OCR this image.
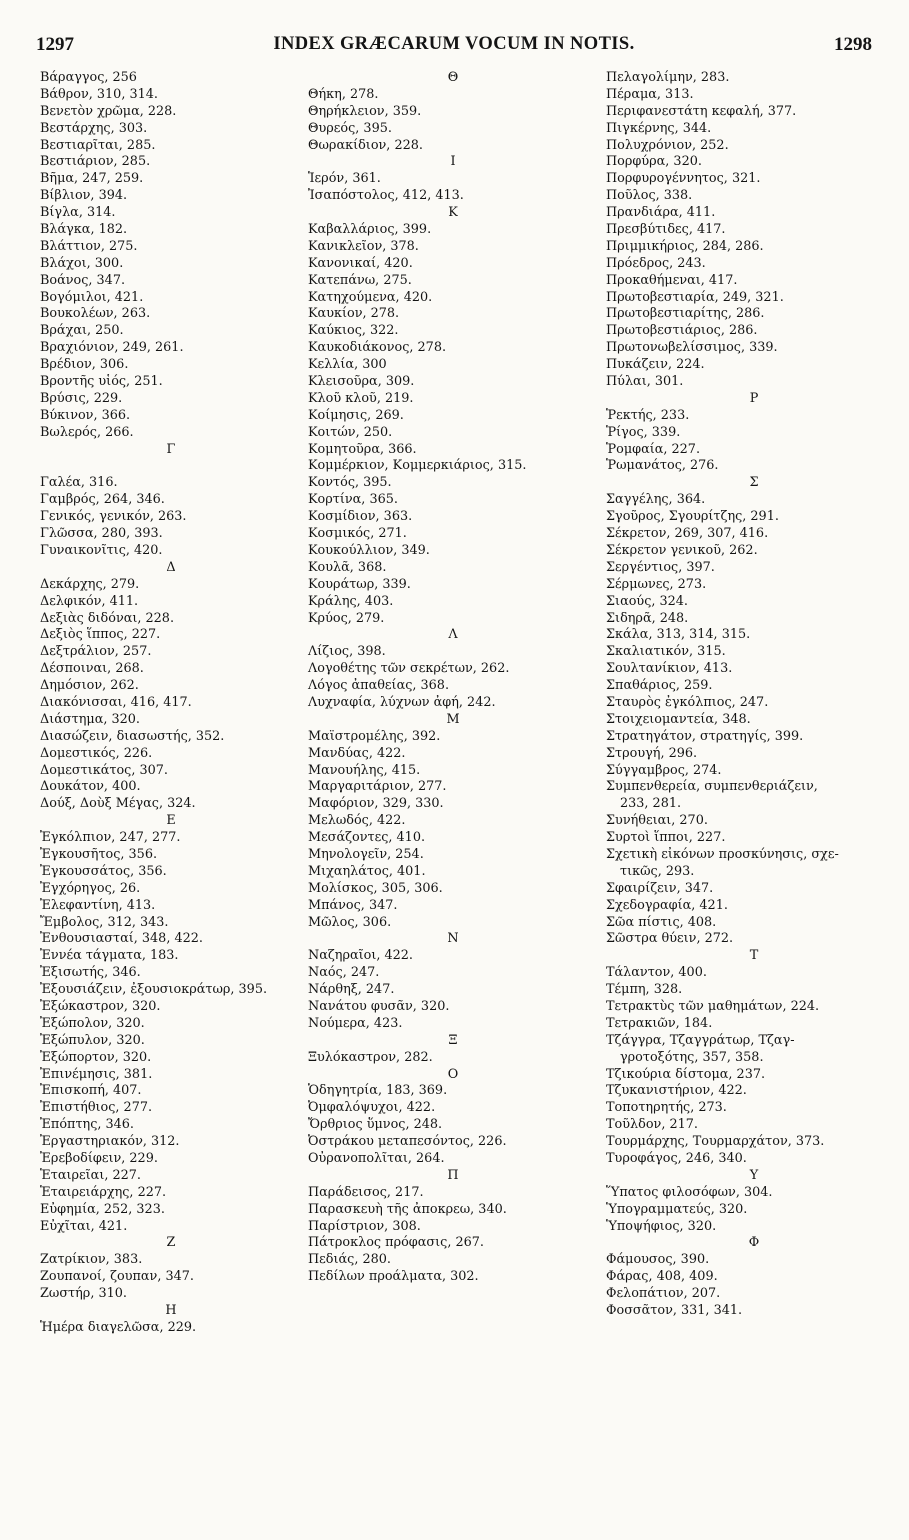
1297	INDEX GRÆCARUM VOCUM IN NOTIS.	1298
Βάραγγος, 256
Βάθρον, 310, 314.
Βενετὸν χρῶμα, 228.
Βεστάρχης, 303.
Βεστιαρῖται, 285.
Βεστιάριον, 285.
Βῆμα, 247, 259.
Βίβλιον, 394.
Βίγλα, 314.
Βλάγκα, 182.
Βλάττιον, 275.
Βλάχοι, 300.
Βοάνος, 347.
Βογόμιλοι, 421.
Βουκολέων, 263.
Βράχαι, 250.
Βραχιόνιον, 249, 261.
Βρέδιον, 306.
Βροντῆς υἱός, 251.
Βρύσις, 229.
Βύκινον, 366.
Βωλερός, 266.
Γ
Γαλέα, 316.
Γαμβρός, 264, 346.
Γενικός, γενικόν, 263.
Γλῶσσα, 280, 393.
Γυναικονῖτις, 420.
Δ
Δεκάρχης, 279.
Δελφικόν, 411.
Δεξιὰς διδόναι, 228.
Δεξιὸς ἵππος, 227.
Δεξτράλιον, 257.
Δέσποιναι, 268.
Δημόσιον, 262.
Διακόνισσαι, 416, 417.
Διάστημα, 320.
Διασώζειν, διασωστής, 352.
Δομεστικός, 226.
Δομεστικάτος, 307.
Δουκάτον, 400.
Δούξ, Δοὺξ Μέγας, 324.
Ε
Ἐγκόλπιον, 247, 277.
Ἐγκουσῆτος, 356.
Ἐγκουσσάτος, 356.
Ἐγχόρηγος, 26.
Ἐλεφαντίνη, 413.
Ἔμβολος, 312, 343.
Ἐνθουσιασταί, 348, 422.
Ἐννέα τάγματα, 183.
Ἐξισωτής, 346.
Ἐξουσιάζειν, ἐξουσιοκράτωρ, 395.
Ἐξώκαστρον, 320.
Ἐξώπολον, 320.
Ἐξώπυλον, 320.
Ἐξώπορτον, 320.
Ἐπινέμησις, 381.
Ἐπισκοπή, 407.
Ἐπιστήθιος, 277.
Ἐπόπτης, 346.
Ἐργαστηριακόν, 312.
Ἐρεβοδίφειν, 229.
Ἑταιρεῖαι, 227.
Ἑταιρειάρχης, 227.
Εὐφημία, 252, 323.
Εὐχῖται, 421.
Ζ
Ζατρίκιον, 383.
Ζουπανοί, ζουπαν, 347.
Ζωστήρ, 310.
Η
Ἡμέρα διαγελῶσα, 229.
Θ
Θήκη, 278.
Θηρήκλειον, 359.
Θυρεός, 395.
Θωρακίδιον, 228.
Ι
Ἱερόν, 361.
Ἰσαπόστολος, 412, 413.
Κ
Καβαλλάριος, 399.
Κανικλεῖον, 378.
Κανονικαί, 420.
Κατεπάνω, 275.
Κατηχούμενα, 420.
Καυκίον, 278.
Καύκιος, 322.
Καυκοδιάκονος, 278.
Κελλία, 300
Κλεισοῦρα, 309.
Κλοῦ κλοῦ, 219.
Κοίμησις, 269.
Κοιτών, 250.
Κομητοῦρα, 366.
Κομμέρκιον, Κομμερκιάριος, 315.
Κοντός, 395.
Κορτίνα, 365.
Κοσμίδιον, 363.
Κοσμικός, 271.
Κουκούλλιον, 349.
Κουλᾶ, 368.
Κουράτωρ, 339.
Κράλης, 403.
Κρύος, 279.
Λ
Λίζιος, 398.
Λογοθέτης τῶν σεκρέτων, 262.
Λόγος ἀπαθείας, 368.
Λυχναφία, λύχνων ἀφή, 242.
Μ
Μαϊστρομέλης, 392.
Μανδύας, 422.
Μανουήλης, 415.
Μαργαριτάριον, 277.
Μαφόριον, 329, 330.
Μελωδός, 422.
Μεσάζοντες, 410.
Μηνολογεῖν, 254.
Μιχαηλάτος, 401.
Μολίσκος, 305, 306.
Μπάνος, 347.
Μῶλος, 306.
Ν
Ναζηραῖοι, 422.
Ναός, 247.
Νάρθηξ, 247.
Νανάτου φυσᾶν, 320.
Νούμερα, 423.
Ξ
Ξυλόκαστρον, 282.
Ο
Ὁδηγητρία, 183, 369.
Ὀμφαλόψυχοι, 422.
Ὄρθριος ὕμνος, 248.
Ὀστράκου μεταπεσόντος, 226.
Οὐρανοπολῖται, 264.
Π
Παράδεισος, 217.
Παρασκευὴ τῆς ἀποκρεω, 340.
Παρίστριον, 308.
Πάτροκλος πρόφασις, 267.
Πεδιάς, 280.
Πεδίλων προάλματα, 302.
Πελαγολίμην, 283.
Πέραμα, 313.
Περιφανεστάτη κεφαλή, 377.
Πιγκέρνης, 344.
Πολυχρόνιον, 252.
Πορφύρα, 320.
Πορφυρογέννητος, 321.
Ποῦλος, 338.
Πρανδιάρα, 411.
Πρεσβύτιδες, 417.
Πριμμικήριος, 284, 286.
Πρόεδρος, 243.
Προκαθήμεναι, 417.
Πρωτοβεστιαρία, 249, 321.
Πρωτοβεστιαρίτης, 286.
Πρωτοβεστιάριος, 286.
Πρωτονωβελίσσιμος, 339.
Πυκάζειν, 224.
Πύλαι, 301.
Ρ
Ῥεκτής, 233.
Ῥίγος, 339.
Ῥομφαία, 227.
Ῥωμανάτος, 276.
Σ
Σαγγέλης, 364.
Σγοῦρος, Σγουρίτζης, 291.
Σέκρετον, 269, 307, 416.
Σέκρετον γενικοῦ, 262.
Σεργέντιος, 397.
Σέρμωνες, 273.
Σιαούς, 324.
Σιδηρᾶ, 248.
Σκάλα, 313, 314, 315.
Σκαλιατικόν, 315.
Σουλτανίκιον, 413.
Σπαθάριος, 259.
Σταυρὸς ἐγκόλπιος, 247.
Στοιχειομαντεία, 348.
Στρατηγάτον, στρατηγίς, 399.
Στρουγή, 296.
Σύγγαμβρος, 274.
Συμπενθερεία, συμπενθεριάζειν,
233, 281.
Συνήθειαι, 270.
Συρτοὶ ἵπποι, 227.
Σχετικὴ εἰκόνων προσκύνησις, σχε-
τικῶς, 293.
Σφαιρίζειν, 347.
Σχεδογραφία, 421.
Σῶα πίστις, 408.
Σῶστρα θύειν, 272.
Τ
Τάλαντον, 400.
Τέμπη, 328.
Τετρακτὺς τῶν μαθημάτων, 224.
Τετρακιῶν, 184.
Τζάγγρα, Τζαγγράτωρ, Τζαγ-
γροτοξότης, 357, 358.
Τζικούρια δίστομα, 237.
Τζυκανιστήριον, 422.
Τοποτηρητής, 273.
Τοῦλδον, 217.
Τουρμάρχης, Τουρμαρχάτον, 373.
Τυροφάγος, 246, 340.
Υ
Ὕπατος φιλοσόφων, 304.
Ὑπογραμματεύς, 320.
Ὑποψήφιος, 320.
Φ
Φάμουσος, 390.
Φάρας, 408, 409.
Φελοπάτιον, 207.
Φοσσᾶτον, 331, 341.
